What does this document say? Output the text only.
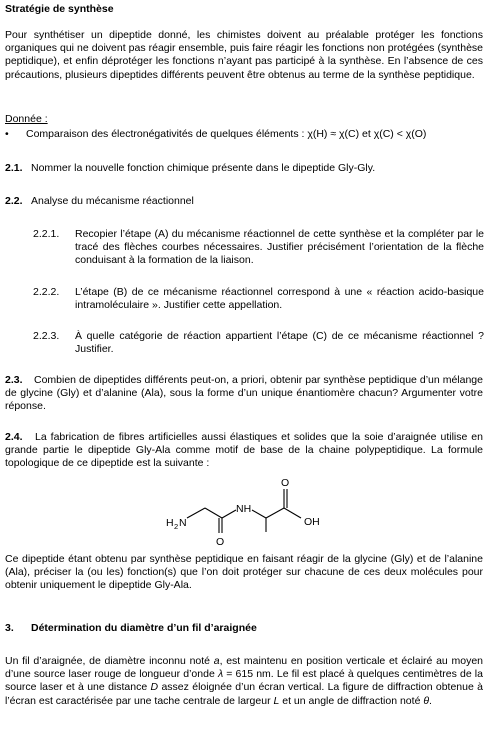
Stratégie de synthèse
Pour synthétiser un dipeptide donné, les chimistes doivent au préalable protéger les fonctions organiques qui ne doivent pas réagir ensemble, puis faire réagir les fonctions non protégées (synthèse peptidique), et enfin déprotéger les fonctions n’ayant pas participé à la synthèse. En l’absence de ces précautions, plusieurs dipeptides différents peuvent être obtenus au terme de la synthèse peptidique.
Donnée :
• Comparaison des électronégativités de quelques éléments : χ(H) ≈ χ(C) et χ(C) < χ(O)
2.1. Nommer la nouvelle fonction chimique présente dans le dipeptide Gly-Gly.
2.2. Analyse du mécanisme réactionnel
2.2.1.	Recopier l’étape (A) du mécanisme réactionnel de cette synthèse et la compléter par le tracé des flèches courbes nécessaires. Justifier précisément l’orientation de la flèche conduisant à la formation de la liaison.
2.2.2.	L’étape (B) de ce mécanisme réactionnel correspond à une « réaction acido-basique intramoléculaire ». Justifier cette appellation.
2.2.3.	À quelle catégorie de réaction appartient l’étape (C) de ce mécanisme réactionnel ? Justifier.
2.3. Combien de dipeptides différents peut-on, a priori, obtenir par synthèse peptidique d’un mélange de glycine (Gly) et d’alanine (Ala), sous la forme d’un unique énantiomère chacun? Argumenter votre réponse.
2.4. La fabrication de fibres artificielles aussi élastiques et solides que la soie d’araignée utilise en grande partie le dipeptide Gly-Ala comme motif de base de la chaine polypeptidique. La formule topologique de ce dipeptide est la suivante :
H 2 N
O
NH
O
OH
Ce dipeptide étant obtenu par synthèse peptidique en faisant réagir de la glycine (Gly) et de l’alanine (Ala), préciser la (ou les) fonction(s) que l’on doit protéger sur chacune de ces deux molécules pour obtenir uniquement le dipeptide Gly-Ala.
3. Détermination du diamètre d’un fil d’araignée
Un fil d’araignée, de diamètre inconnu noté a, est maintenu en position verticale et éclairé au moyen d’une source laser rouge de longueur d’onde λ = 615 nm. Le fil est placé à quelques centimètres de la source laser et à une distance D assez éloignée d’un écran vertical. La figure de diffraction obtenue à l’écran est caractérisée par une tache centrale de largeur L et un angle de diffraction noté θ.
